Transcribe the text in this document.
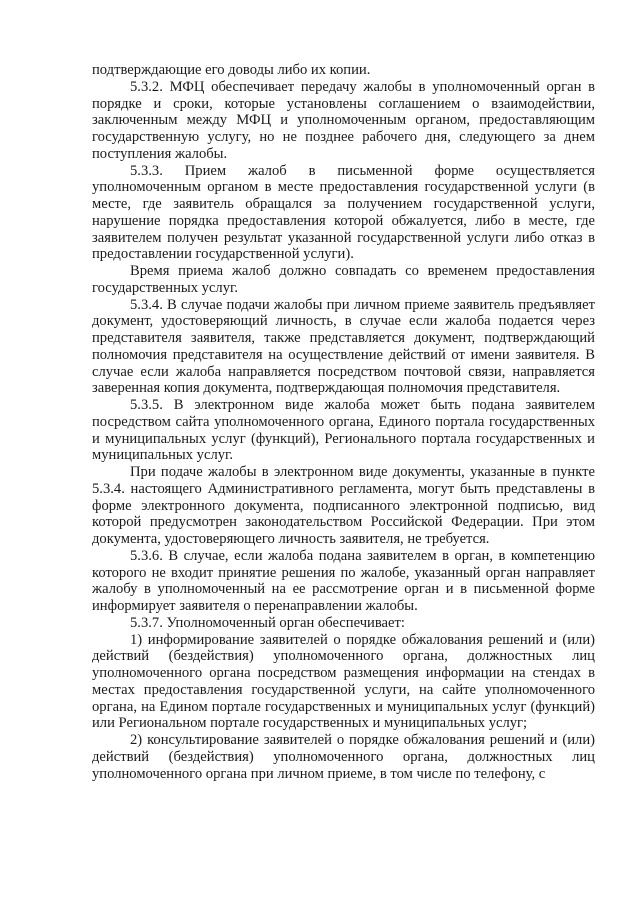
подтверждающие его доводы либо их копии.

5.3.2. МФЦ обеспечивает передачу жалобы в уполномоченный орган в порядке и сроки, которые установлены соглашением о взаимодействии, заключенным между МФЦ и уполномоченным органом, предоставляющим государственную услугу, но не позднее рабочего дня, следующего за днем поступления жалобы.

5.3.3. Прием жалоб в письменной форме осуществляется уполномоченным органом в месте предоставления государственной услуги (в месте, где заявитель обращался за получением государственной услуги, нарушение порядка предоставления которой обжалуется, либо в месте, где заявителем получен результат указанной государственной услуги либо отказ в предоставлении государственной услуги).

Время приема жалоб должно совпадать со временем предоставления государственных услуг.

5.3.4. В случае подачи жалобы при личном приеме заявитель предъявляет документ, удостоверяющий личность, в случае если жалоба подается через представителя заявителя, также представляется документ, подтверждающий полномочия представителя на осуществление действий от имени заявителя. В случае если жалоба направляется посредством почтовой связи, направляется заверенная копия документа, подтверждающая полномочия представителя.

5.3.5. В электронном виде жалоба может быть подана заявителем посредством сайта уполномоченного органа, Единого портала государственных и муниципальных услуг (функций), Регионального портала государственных и муниципальных услуг.

При подаче жалобы в электронном виде документы, указанные в пункте 5.3.4. настоящего Административного регламента, могут быть представлены в форме электронного документа, подписанного электронной подписью, вид которой предусмотрен законодательством Российской Федерации. При этом документа, удостоверяющего личность заявителя, не требуется.

5.3.6. В случае, если жалоба подана заявителем в орган, в компетенцию которого не входит принятие решения по жалобе, указанный орган направляет жалобу в уполномоченный на ее рассмотрение орган и в письменной форме информирует заявителя о перенаправлении жалобы.

5.3.7. Уполномоченный орган обеспечивает:

1) информирование заявителей о порядке обжалования решений и (или) действий (бездействия) уполномоченного органа, должностных лиц уполномоченного органа посредством размещения информации на стендах в местах предоставления государственной услуги, на сайте уполномоченного органа, на Едином портале государственных и муниципальных услуг (функций) или Региональном портале государственных и муниципальных услуг;

2) консультирование заявителей о порядке обжалования решений и (или) действий (бездействия) уполномоченного органа, должностных лиц уполномоченного органа при личном приеме, в том числе по телефону, с
